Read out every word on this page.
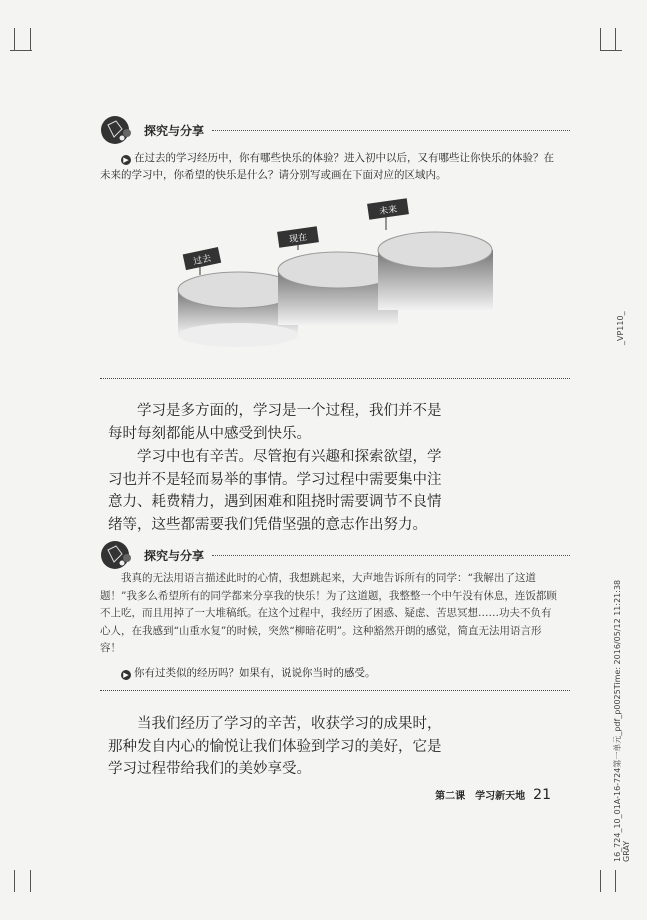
探究与分享
▶ 在过去的学习经历中，你有哪些快乐的体验？进入初中以后，又有哪些让你快乐的体验？在未来的学习中，你希望的快乐是什么？请分别写或画在下面对应的区域内。
过去
现在
未来
学习是多方面的，学习是一个过程，我们并不是每时每刻都能从中感受到快乐。
学习中也有辛苦。尽管抱有兴趣和探索欲望，学习也并不是轻而易举的事情。学习过程中需要集中注意力、耗费精力，遇到困难和阻挠时需要调节不良情绪等，这些都需要我们凭借坚强的意志作出努力。
探究与分享
我真的无法用语言描述此时的心情，我想跳起来，大声地告诉所有的同学：“我解出了这道题！”我多么希望所有的同学都来分享我的快乐！为了这道题，我整整一个中午没有休息，连饭都顾不上吃，而且用掉了一大堆稿纸。在这个过程中，我经历了困惑、疑虑、苦思冥想……功夫不负有心人，在我感到“山重水复”的时候，突然“柳暗花明”。这种豁然开朗的感觉，简直无法用语言形容！
▶ 你有过类似的经历吗？如果有，说说你当时的感受。
当我们经历了学习的辛苦，收获学习的成果时，那种发自内心的愉悦让我们体验到学习的美好，它是学习过程带给我们的美妙享受。
第二课　学习新天地 21
_VP110_
16_724_10_01A-16-724第一单元_pdf_p0025Time: 2016/05/12 11:21:38 GRAY
